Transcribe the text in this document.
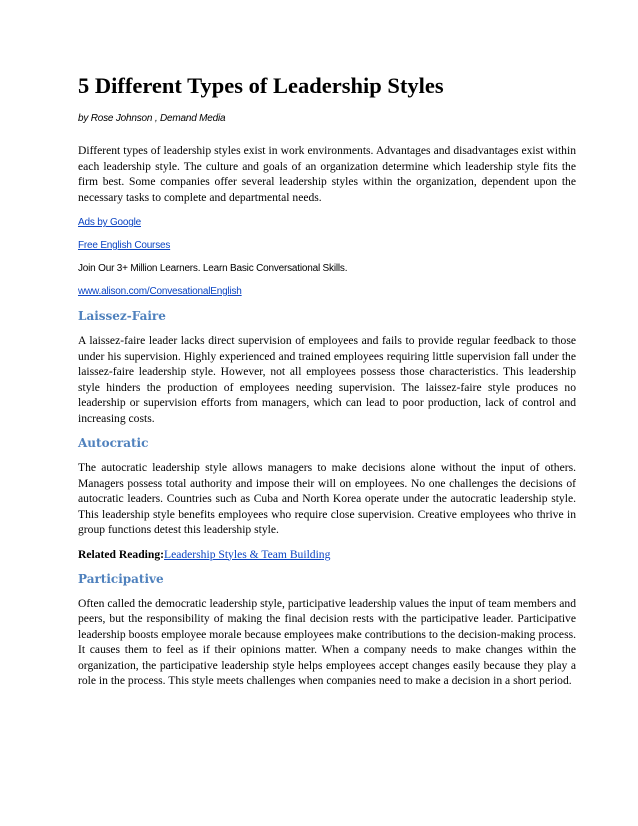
5 Different Types of Leadership Styles

by Rose Johnson , Demand Media

Different types of leadership styles exist in work environments. Advantages and disadvantages exist within each leadership style. The culture and goals of an organization determine which leadership style fits the firm best. Some companies offer several leadership styles within the organization, dependent upon the necessary tasks to complete and departmental needs.

Ads by Google

Free English Courses

Join Our 3+ Million Learners. Learn Basic Conversational Skills.

www.alison.com/ConvesationalEnglish

Laissez-Faire

A laissez-faire leader lacks direct supervision of employees and fails to provide regular feedback to those under his supervision. Highly experienced and trained employees requiring little supervision fall under the laissez-faire leadership style. However, not all employees possess those characteristics. This leadership style hinders the production of employees needing supervision. The laissez-faire style produces no leadership or supervision efforts from managers, which can lead to poor production, lack of control and increasing costs.

Autocratic

The autocratic leadership style allows managers to make decisions alone without the input of others. Managers possess total authority and impose their will on employees. No one challenges the decisions of autocratic leaders. Countries such as Cuba and North Korea operate under the autocratic leadership style. This leadership style benefits employees who require close supervision. Creative employees who thrive in group functions detest this leadership style.

Related Reading:Leadership Styles & Team Building

Participative

Often called the democratic leadership style, participative leadership values the input of team members and peers, but the responsibility of making the final decision rests with the participative leader. Participative leadership boosts employee morale because employees make contributions to the decision-making process. It causes them to feel as if their opinions matter. When a company needs to make changes within the organization, the participative leadership style helps employees accept changes easily because they play a role in the process. This style meets challenges when companies need to make a decision in a short period.
